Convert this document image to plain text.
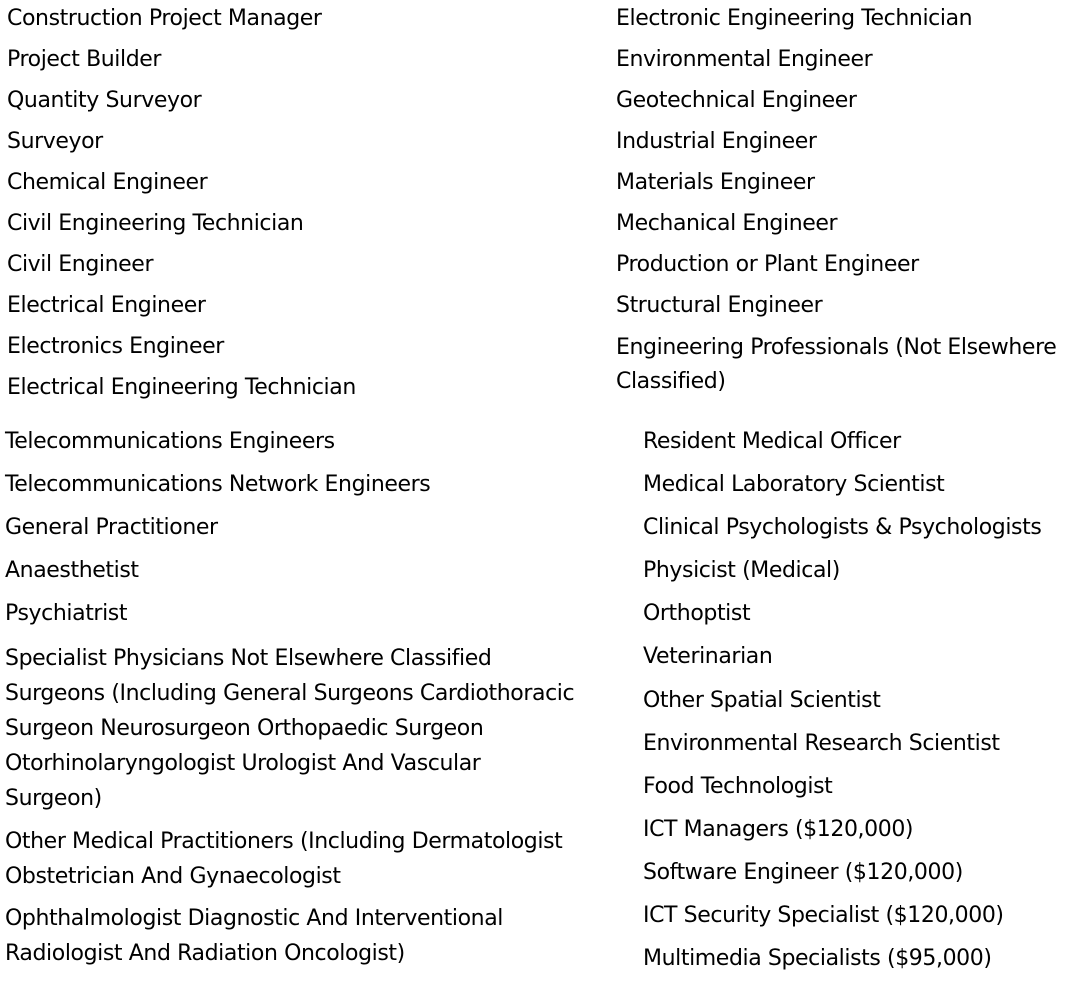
Construction Project Manager
Project Builder
Quantity Surveyor
Surveyor
Chemical Engineer
Civil Engineering Technician
Civil Engineer
Electrical Engineer
Electronics Engineer
Electrical Engineering Technician
Electronic Engineering Technician
Environmental Engineer
Geotechnical Engineer
Industrial Engineer
Materials Engineer
Mechanical Engineer
Production or Plant Engineer
Structural Engineer
Engineering Professionals (Not Elsewhere Classified)
Telecommunications Engineers
Telecommunications Network Engineers
General Practitioner
Anaesthetist
Psychiatrist
Specialist Physicians Not Elsewhere Classified Surgeons (Including General Surgeons Cardiothoracic Surgeon Neurosurgeon Orthopaedic Surgeon Otorhinolaryngologist Urologist And Vascular Surgeon)
Other Medical Practitioners (Including Dermatologist Obstetrician And Gynaecologist
Ophthalmologist Diagnostic And Interventional Radiologist And Radiation Oncologist)
Resident Medical Officer
Medical Laboratory Scientist
Clinical Psychologists & Psychologists
Physicist (Medical)
Orthoptist
Veterinarian
Other Spatial Scientist
Environmental Research Scientist
Food Technologist
ICT Managers ($120,000)
Software Engineer ($120,000)
ICT Security Specialist ($120,000)
Multimedia Specialists ($95,000)
